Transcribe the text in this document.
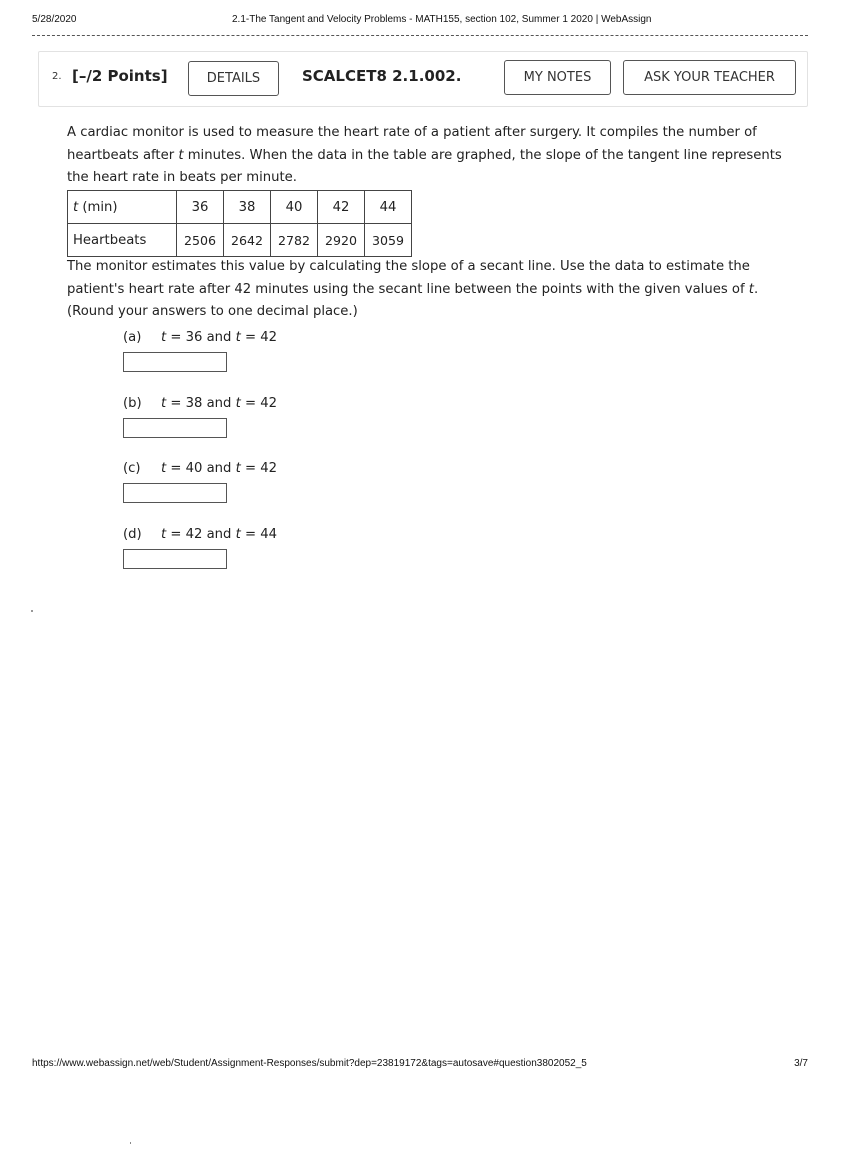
5/28/2020	2.1-The Tangent and Velocity Problems - MATH155, section 102, Summer 1 2020 | WebAssign
2. [–/2 Points]	DETAILS	SCALCET8 2.1.002.	MY NOTES	ASK YOUR TEACHER

A cardiac monitor is used to measure the heart rate of a patient after surgery. It compiles the number of heartbeats after t minutes. When the data in the table are graphed, the slope of the tangent line represents the heart rate in beats per minute.

t (min)	36	38	40	42	44
Heartbeats	2506	2642	2782	2920	3059

The monitor estimates this value by calculating the slope of a secant line. Use the data to estimate the patient's heart rate after 42 minutes using the secant line between the points with the given values of t. (Round your answers to one decimal place.)

(a) t = 36 and t = 42
(b) t = 38 and t = 42
(c) t = 40 and t = 42
(d) t = 42 and t = 44
https://www.webassign.net/web/Student/Assignment-Responses/submit?dep=23819172&tags=autosave#question3802052_5	3/7
